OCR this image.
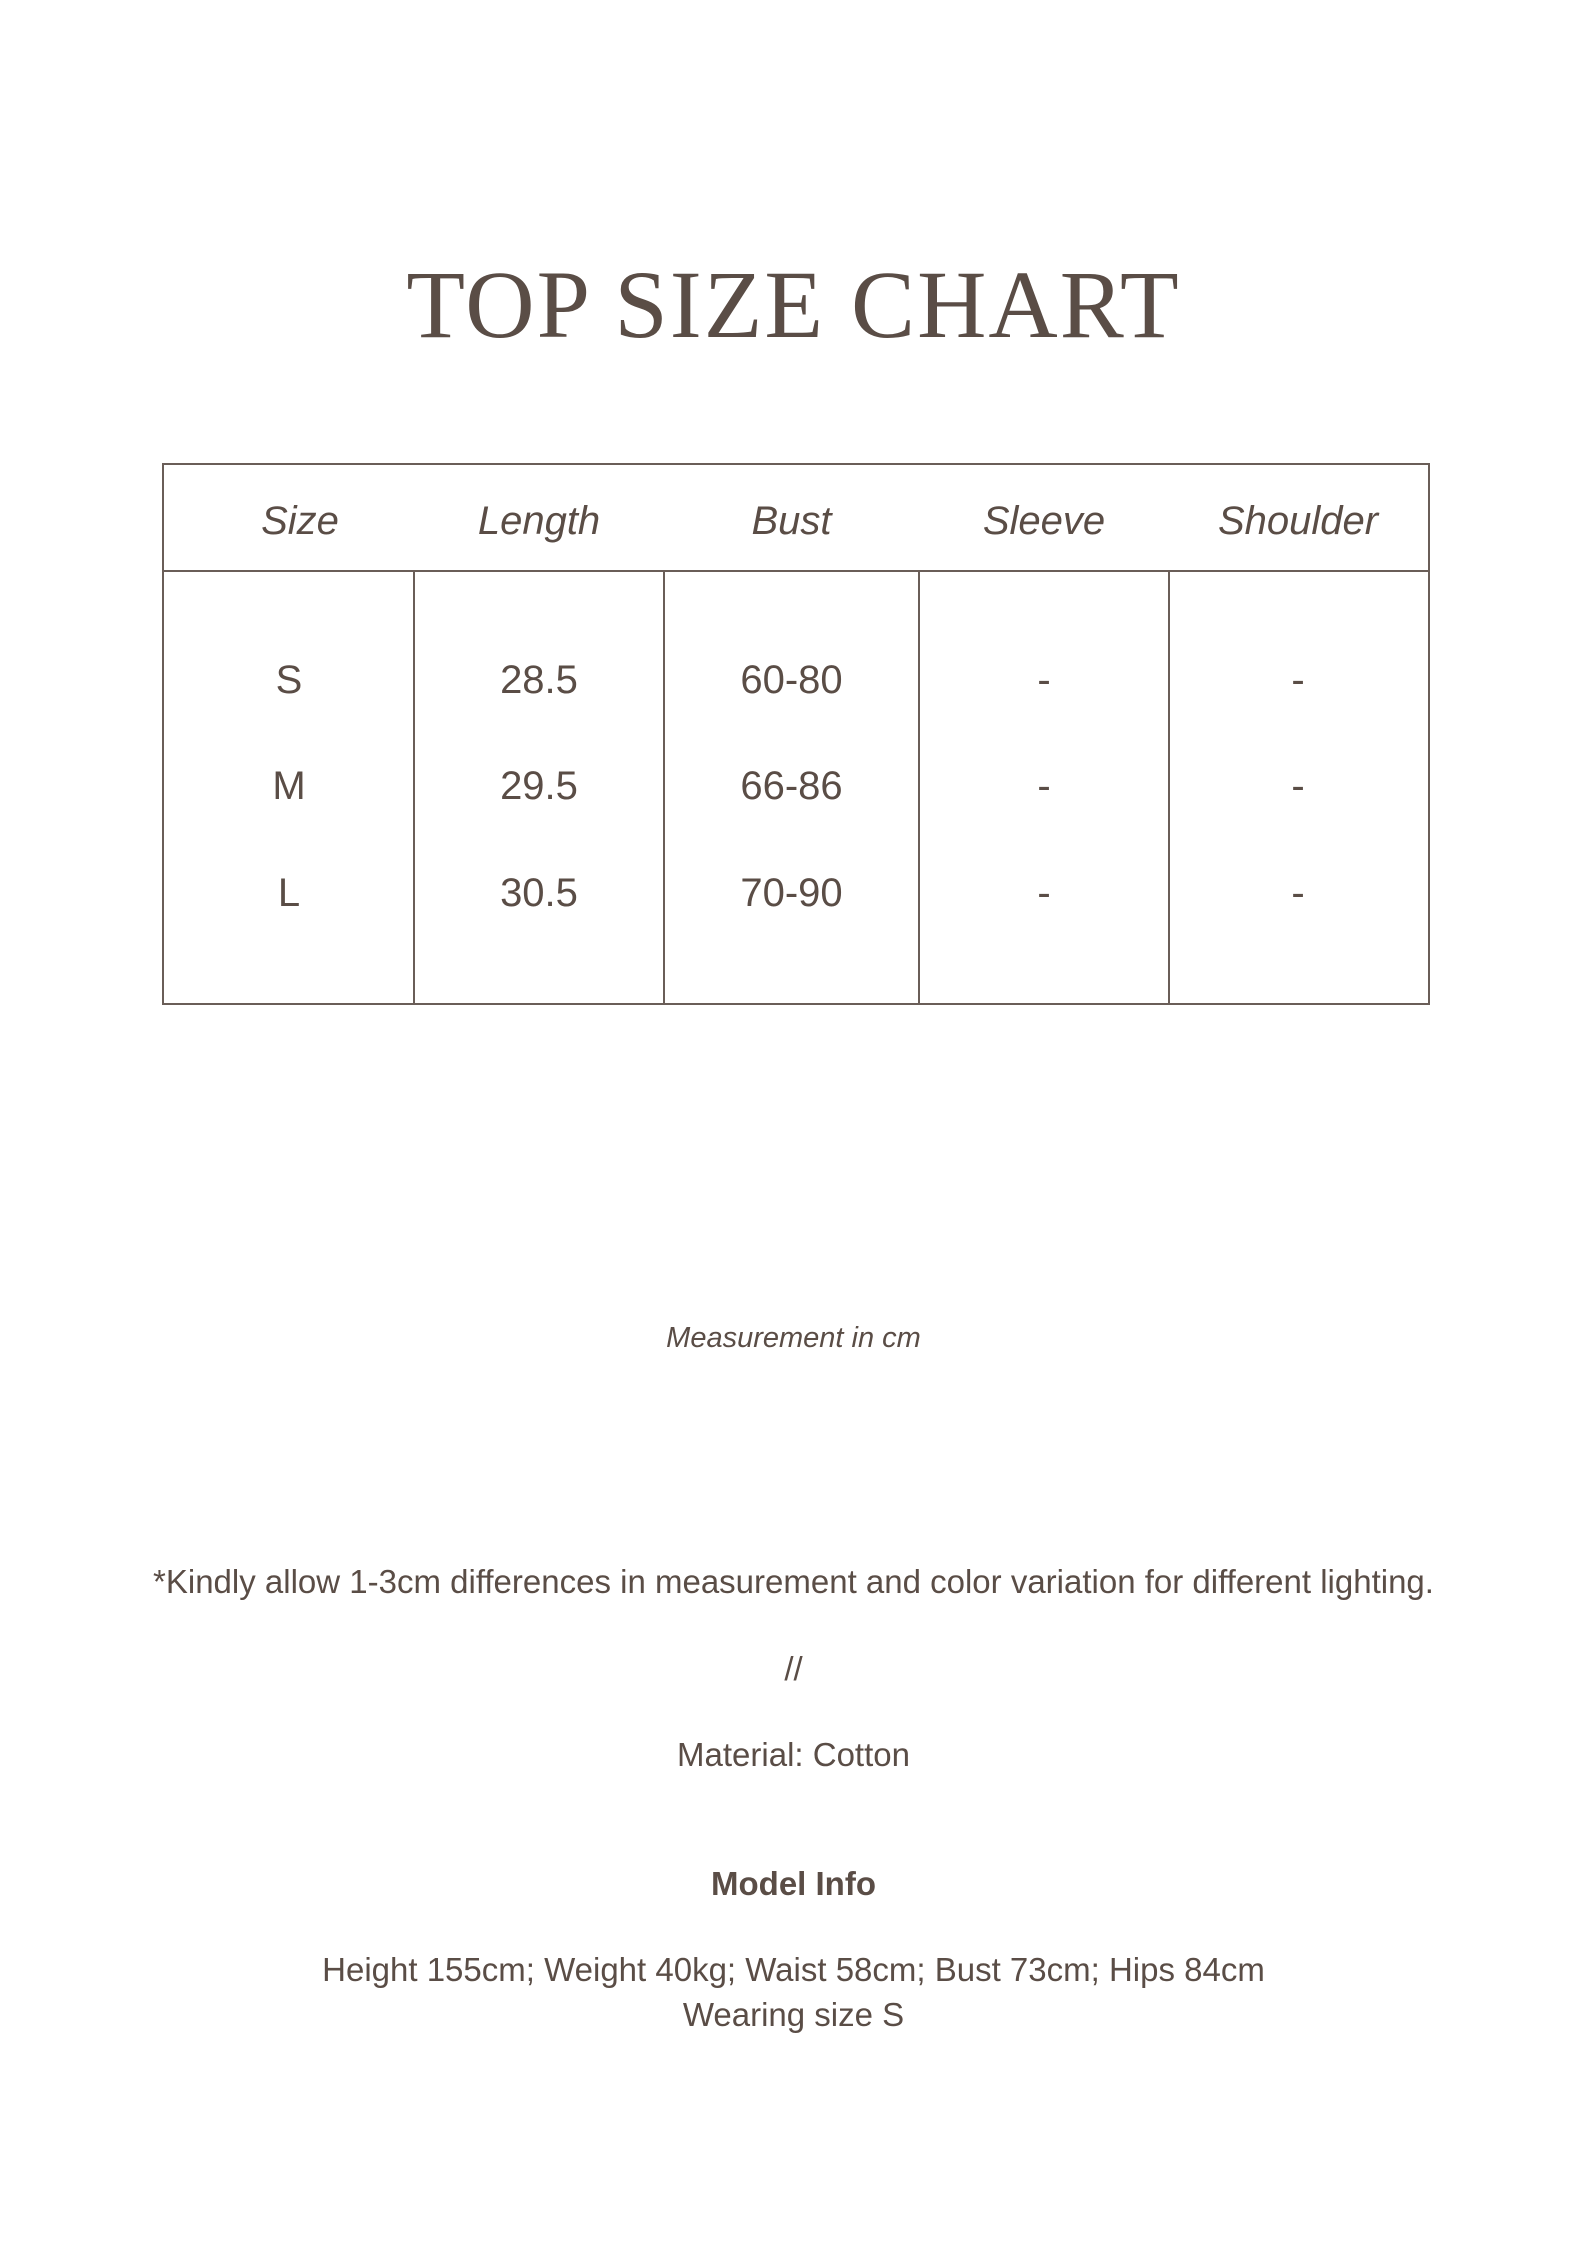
TOP SIZE CHART
Size	Length	Bust	Sleeve	Shoulder
S	28.5	60-80	-	-
M	29.5	66-86	-	-
L	30.5	70-90	-	-
Measurement in cm
*Kindly allow 1-3cm differences in measurement and color variation for different lighting.
//
Material: Cotton
Model Info
Height 155cm; Weight 40kg; Waist 58cm; Bust 73cm; Hips 84cm
Wearing size S
